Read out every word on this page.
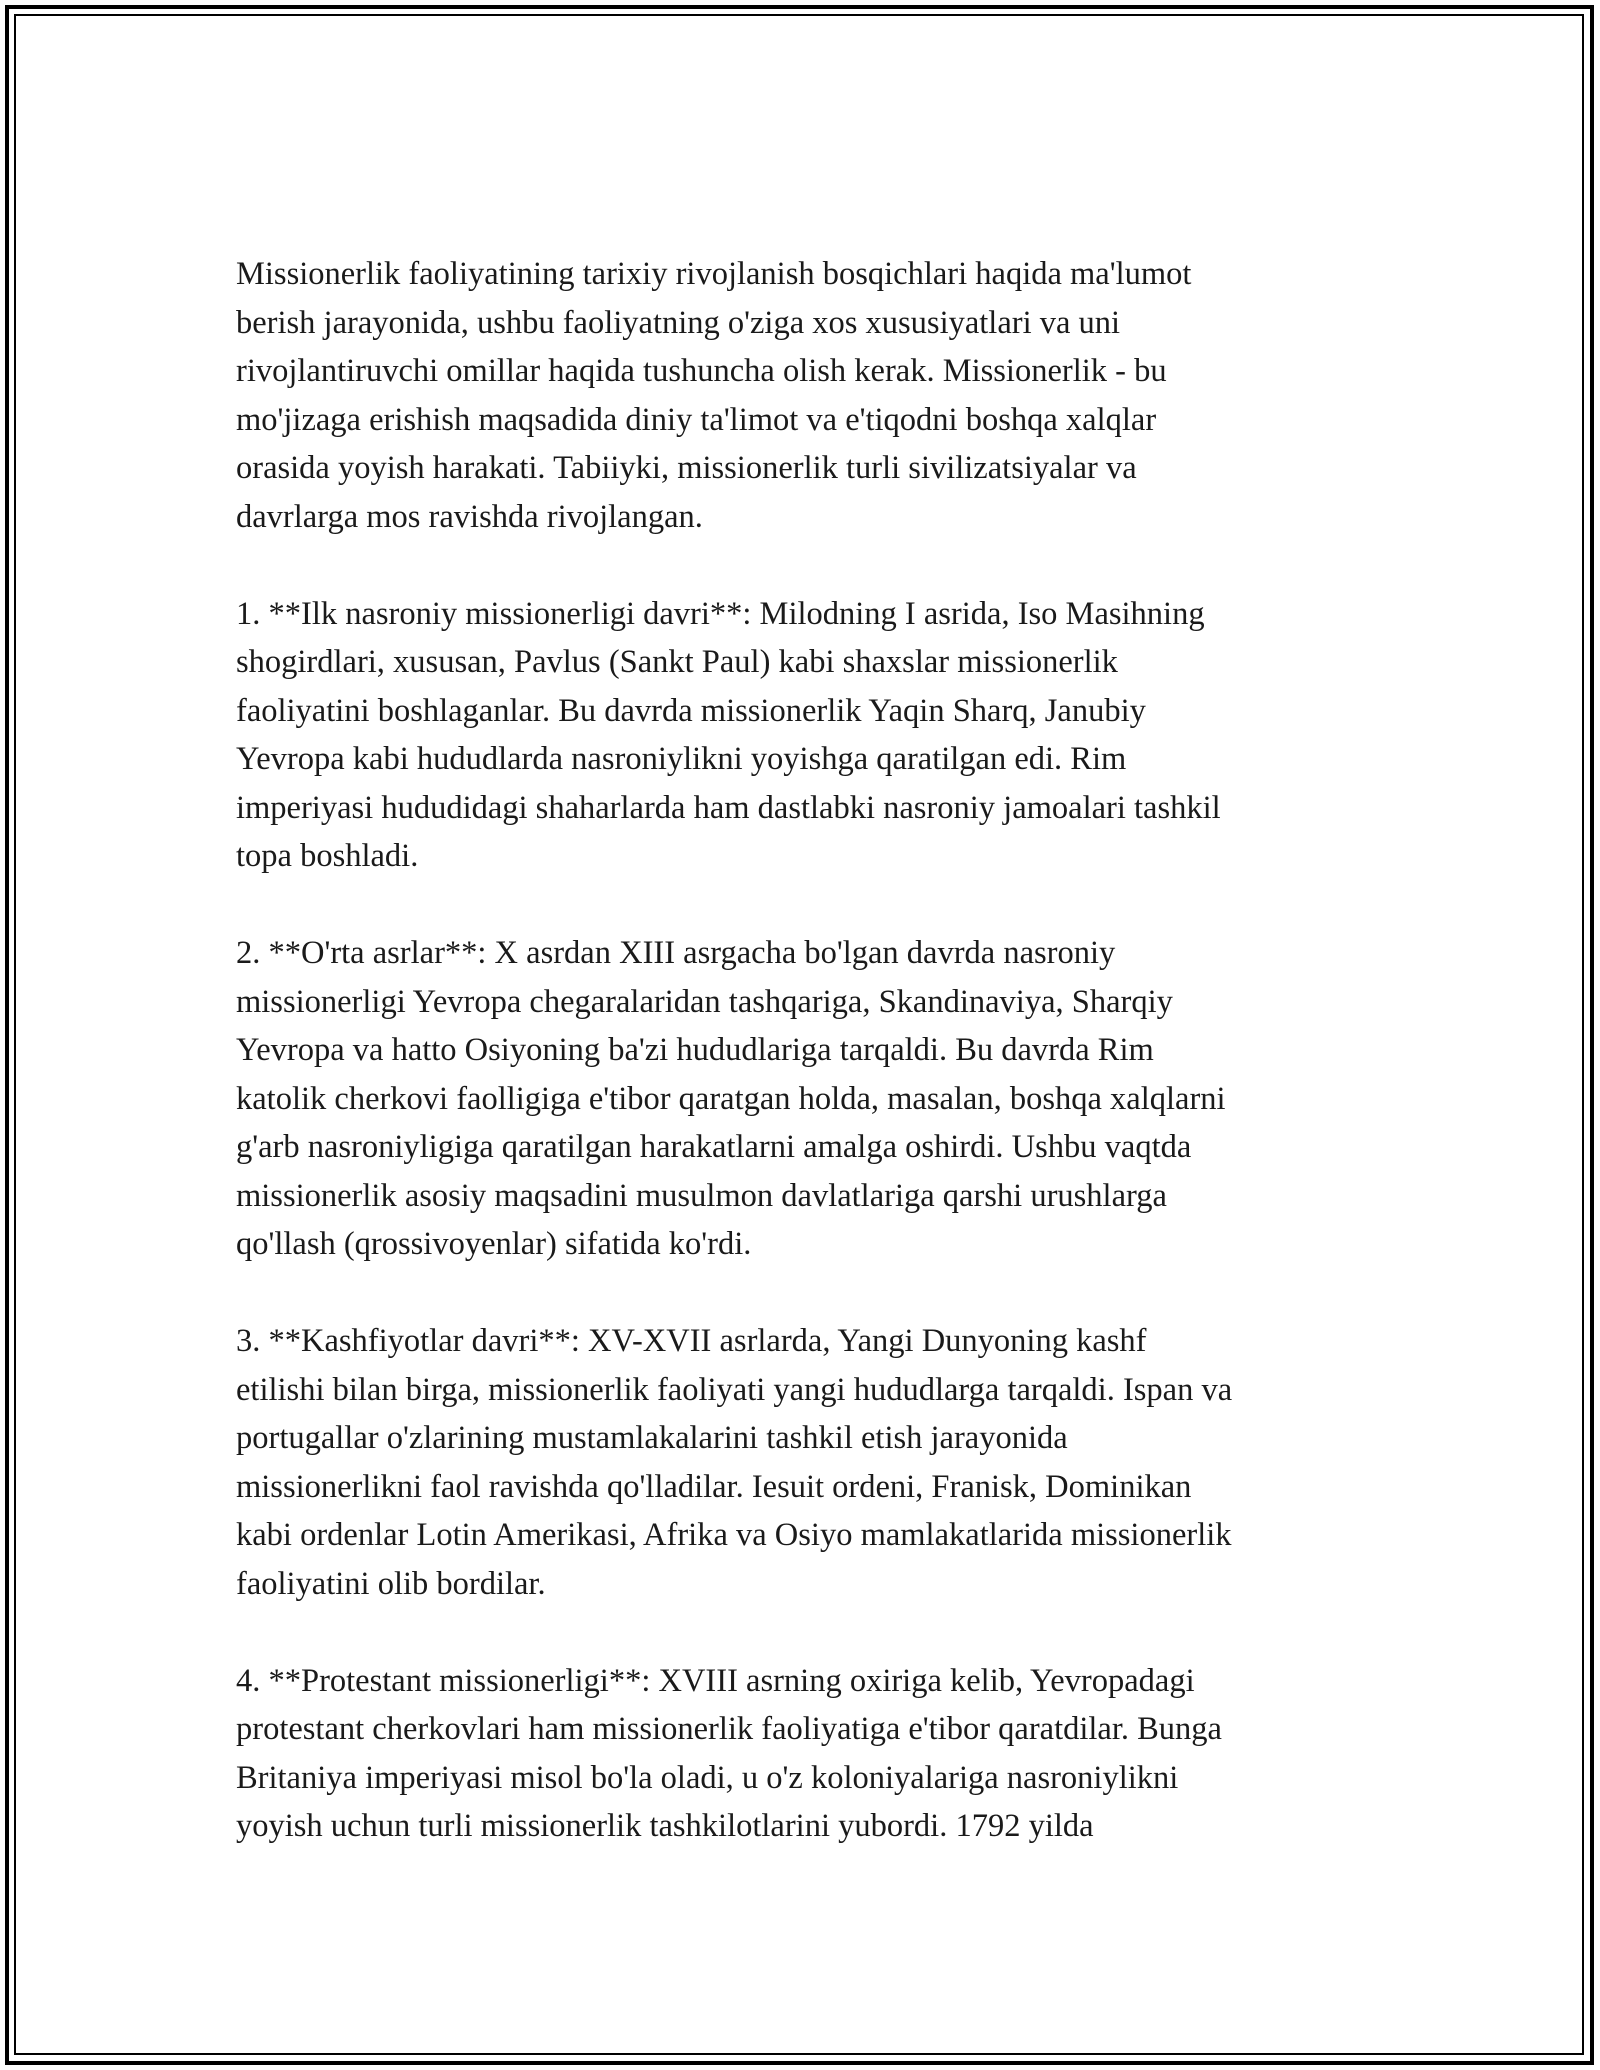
Missionerlik faoliyatining tarixiy rivojlanish bosqichlari haqida ma'lumot
berish jarayonida, ushbu faoliyatning o'ziga xos xususiyatlari va uni
rivojlantiruvchi omillar haqida tushuncha olish kerak. Missionerlik - bu
mo'jizaga erishish maqsadida diniy ta'limot va e'tiqodni boshqa xalqlar
orasida yoyish harakati. Tabiiyki, missionerlik turli sivilizatsiyalar va
davrlarga mos ravishda rivojlangan.

1. **Ilk nasroniy missionerligi davri**: Milodning I asrida, Iso Masihning
shogirdlari, xususan, Pavlus (Sankt Paul) kabi shaxslar missionerlik
faoliyatini boshlaganlar. Bu davrda missionerlik Yaqin Sharq, Janubiy
Yevropa kabi hududlarda nasroniylikni yoyishga qaratilgan edi. Rim
imperiyasi hududidagi shaharlarda ham dastlabki nasroniy jamoalari tashkil
topa boshladi.

2. **O'rta asrlar**: X asrdan XIII asrgacha bo'lgan davrda nasroniy
missionerligi Yevropa chegaralaridan tashqariga, Skandinaviya, Sharqiy
Yevropa va hatto Osiyoning ba'zi hududlariga tarqaldi. Bu davrda Rim
katolik cherkovi faolligiga e'tibor qaratgan holda, masalan, boshqa xalqlarni
g'arb nasroniyligiga qaratilgan harakatlarni amalga oshirdi. Ushbu vaqtda
missionerlik asosiy maqsadini musulmon davlatlariga qarshi urushlarga
qo'llash (qrossivoyenlar) sifatida ko'rdi.

3. **Kashfiyotlar davri**: XV-XVII asrlarda, Yangi Dunyoning kashf
etilishi bilan birga, missionerlik faoliyati yangi hududlarga tarqaldi. Ispan va
portugallar o'zlarining mustamlakalarini tashkil etish jarayonida
missionerlikni faol ravishda qo'lladilar. Iesuit ordeni, Franisk, Dominikan
kabi ordenlar Lotin Amerikasi, Afrika va Osiyo mamlakatlarida missionerlik
faoliyatini olib bordilar.

4. **Protestant missionerligi**: XVIII asrning oxiriga kelib, Yevropadagi
protestant cherkovlari ham missionerlik faoliyatiga e'tibor qaratdilar. Bunga
Britaniya imperiyasi misol bo'la oladi, u o'z koloniyalariga nasroniylikni
yoyish uchun turli missionerlik tashkilotlarini yubordi. 1792 yilda
